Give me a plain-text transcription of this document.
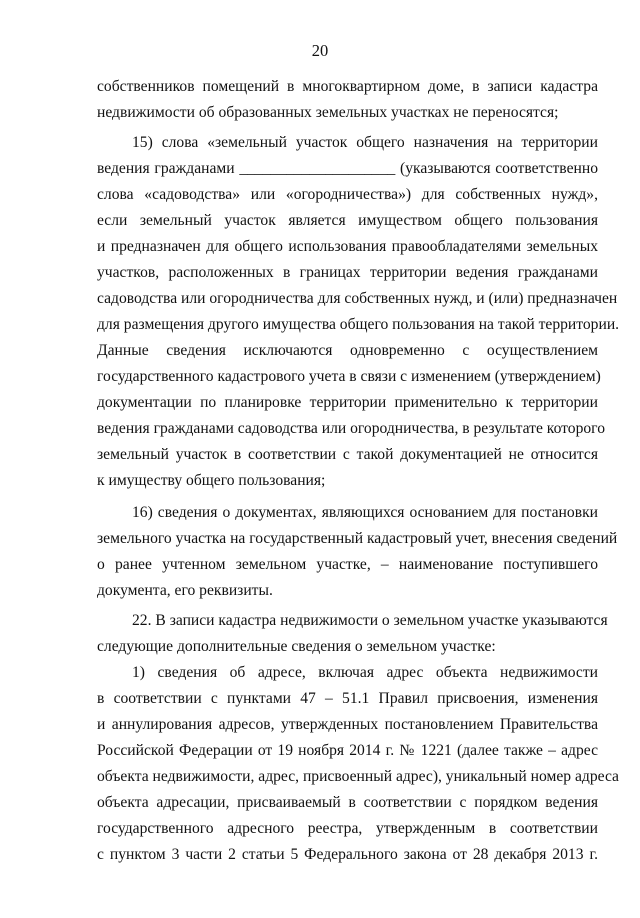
20
собственников помещений в многоквартирном доме, в записи кадастра
недвижимости об образованных земельных участках не переносятся;
15) слова «земельный участок общего назначения на территории
ведения гражданами ____________________ (указываются соответственно
слова «садоводства» или «огородничества») для собственных нужд»,
если земельный участок является имуществом общего пользования
и предназначен для общего использования правообладателями земельных
участков, расположенных в границах территории ведения гражданами
садоводства или огородничества для собственных нужд, и (или) предназначен
для размещения другого имущества общего пользования на такой территории.
Данные сведения исключаются одновременно с осуществлением
государственного кадастрового учета в связи с изменением (утверждением)
документации по планировке территории применительно к территории
ведения гражданами садоводства или огородничества, в результате которого
земельный участок в соответствии с такой документацией не относится
к имуществу общего пользования;
16) сведения о документах, являющихся основанием для постановки
земельного участка на государственный кадастровый учет, внесения сведений
о ранее учтенном земельном участке, – наименование поступившего
документа, его реквизиты.
22. В записи кадастра недвижимости о земельном участке указываются
следующие дополнительные сведения о земельном участке:
1) сведения об адресе, включая адрес объекта недвижимости
в соответствии с пунктами 47 – 51.1 Правил присвоения, изменения
и аннулирования адресов, утвержденных постановлением Правительства
Российской Федерации от 19 ноября 2014 г. № 1221 (далее также – адрес
объекта недвижимости, адрес, присвоенный адрес), уникальный номер адреса
объекта адресации, присваиваемый в соответствии с порядком ведения
государственного адресного реестра, утвержденным в соответствии
с пунктом 3 части 2 статьи 5 Федерального закона от 28 декабря 2013 г.
